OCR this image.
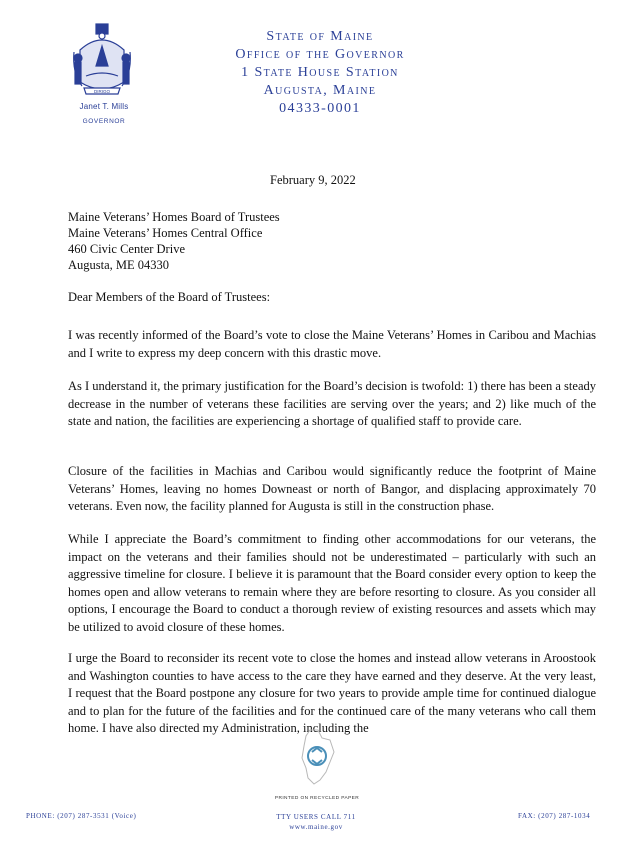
DIRIGO
Janet T. Mills
GOVERNOR
State of Maine
Office of the Governor
1 State House Station
Augusta, Maine
04333-0001
February 9, 2022
Maine Veterans’ Homes Board of Trustees
Maine Veterans’ Homes Central Office
460 Civic Center Drive
Augusta, ME 04330
Dear Members of the Board of Trustees:

I was recently informed of the Board’s vote to close the Maine Veterans’ Homes in Caribou and Machias and I write to express my deep concern with this drastic move.

As I understand it, the primary justification for the Board’s decision is twofold: 1) there has been a steady decrease in the number of veterans these facilities are serving over the years; and 2) like much of the state and nation, the facilities are experiencing a shortage of qualified staff to provide care.

Closure of the facilities in Machias and Caribou would significantly reduce the footprint of Maine Veterans’ Homes, leaving no homes Downeast or north of Bangor, and displacing approximately 70 veterans. Even now, the facility planned for Augusta is still in the construction phase.

While I appreciate the Board’s commitment to finding other accommodations for our veterans, the impact on the veterans and their families should not be underestimated – particularly with such an aggressive timeline for closure. I believe it is paramount that the Board consider every option to keep the homes open and allow veterans to remain where they are before resorting to closure. As you consider all options, I encourage the Board to conduct a thorough review of existing resources and assets which may be utilized to avoid closure of these homes.

I urge the Board to reconsider its recent vote to close the homes and instead allow veterans in Aroostook and Washington counties to have access to the care they have earned and they deserve. At the very least, I request that the Board postpone any closure for two years to provide ample time for continued dialogue and to plan for the future of the facilities and for the continued care of the many veterans who call them home. I have also directed my Administration, including the

PRINTED ON RECYCLED PAPER
PHONE: (207) 287-3531 (Voice)	TTY USERS CALL 711
www.maine.gov
FAX: (207) 287-1034
